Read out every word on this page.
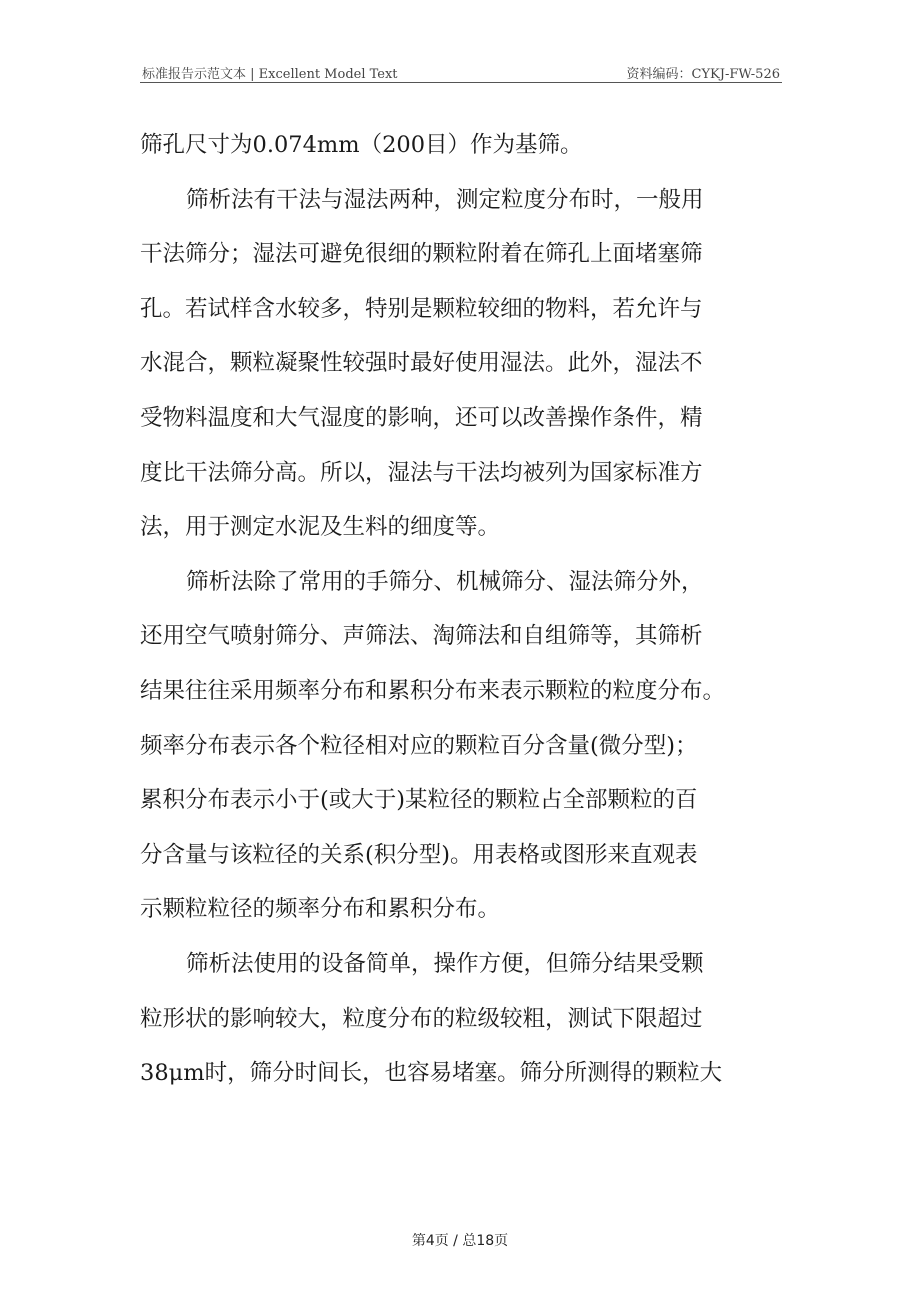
标准报告示范文本 | Excellent Model Text	资料编码：CYKJ-FW-526
筛孔尺寸为0.074mm（200目）作为基筛。
筛析法有干法与湿法两种，测定粒度分布时，一般用
干法筛分；湿法可避免很细的颗粒附着在筛孔上面堵塞筛
孔。若试样含水较多，特别是颗粒较细的物料，若允许与
水混合，颗粒凝聚性较强时最好使用湿法。此外，湿法不
受物料温度和大气湿度的影响，还可以改善操作条件，精
度比干法筛分高。所以，湿法与干法均被列为国家标准方
法，用于测定水泥及生料的细度等。
筛析法除了常用的手筛分、机械筛分、湿法筛分外，
还用空气喷射筛分、声筛法、淘筛法和自组筛等，其筛析
结果往往采用频率分布和累积分布来表示颗粒的粒度分布。
频率分布表示各个粒径相对应的颗粒百分含量(微分型)；
累积分布表示小于(或大于)某粒径的颗粒占全部颗粒的百
分含量与该粒径的关系(积分型)。用表格或图形来直观表
示颗粒粒径的频率分布和累积分布。
筛析法使用的设备简单，操作方便，但筛分结果受颗
粒形状的影响较大，粒度分布的粒级较粗，测试下限超过
38μm时，筛分时间长，也容易堵塞。筛分所测得的颗粒大
第4页 / 总18页
